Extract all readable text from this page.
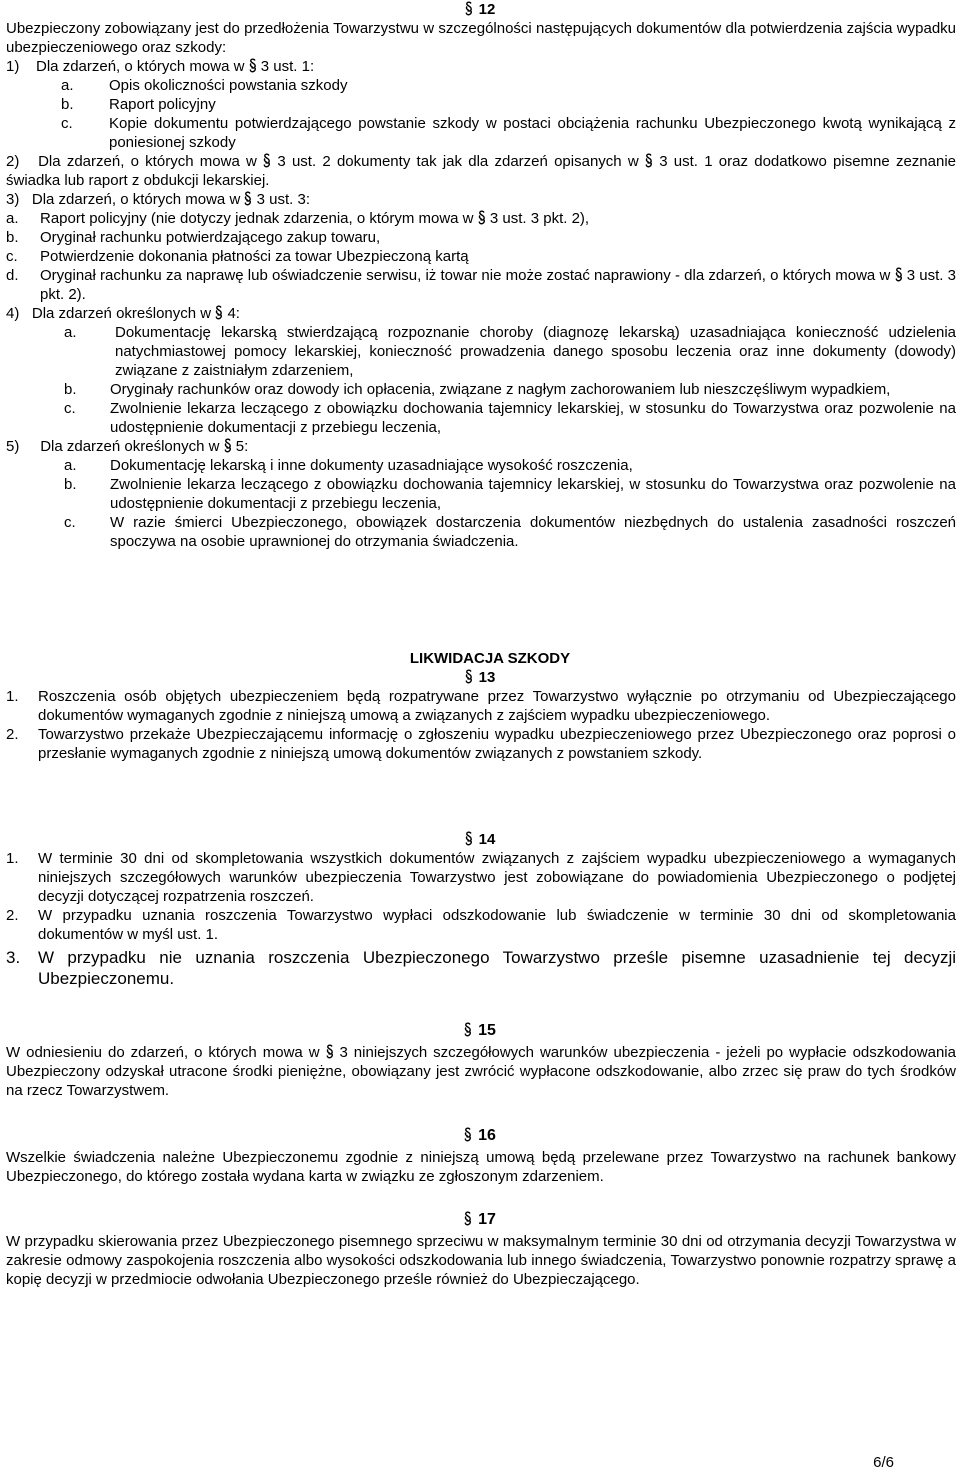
12
Ubezpieczony zobowiązany jest do przedłożenia Towarzystwu w szczególności następujących dokumentów dla potwierdzenia zajścia wypadku ubezpieczeniowego oraz szkody:
1) Dla zdarzeń, o których mowa w 3 ust. 1:
a. Opis okoliczności powstania szkody
b. Raport policyjny
c. Kopie dokumentu potwierdzającego powstanie szkody w postaci obciążenia rachunku Ubezpieczonego kwotą wynikającą z poniesionej szkody
2) Dla zdarzeń, o których mowa w 3 ust. 2 dokumenty tak jak dla zdarzeń opisanych w 3 ust. 1 oraz dodatkowo pisemne zeznanie świadka lub raport z obdukcji lekarskiej.
3) Dla zdarzeń, o których mowa w 3 ust. 3:
a. Raport policyjny (nie dotyczy jednak zdarzenia, o którym mowa w 3 ust. 3 pkt. 2),
b. Oryginał rachunku potwierdzającego zakup towaru,
c. Potwierdzenie dokonania płatności za towar Ubezpieczoną kartą
d. Oryginał rachunku za naprawę lub oświadczenie serwisu, iż towar nie może zostać naprawiony - dla zdarzeń, o których mowa w 3 ust. 3 pkt. 2).
4) Dla zdarzeń określonych w 4:
a.	Dokumentację lekarską stwierdzającą rozpoznanie choroby (diagnozę lekarską) uzasadniająca konieczność udzielenia natychmiastowej pomocy lekarskiej, konieczność prowadzenia danego sposobu leczenia oraz inne dokumenty (dowody) związane z zaistniałym zdarzeniem,
b. Oryginały rachunków oraz dowody ich opłacenia, związane z nagłym zachorowaniem lub nieszczęśliwym wypadkiem,
c. Zwolnienie lekarza leczącego z obowiązku dochowania tajemnicy lekarskiej, w stosunku do Towarzystwa oraz pozwolenie na udostępnienie dokumentacji z przebiegu leczenia,
5) Dla zdarzeń określonych w 5:
a. Dokumentację lekarską i inne dokumenty uzasadniające wysokość roszczenia,
b. Zwolnienie lekarza leczącego z obowiązku dochowania tajemnicy lekarskiej, w stosunku do Towarzystwa oraz pozwolenie na udostępnienie dokumentacji z przebiegu leczenia,
c. W razie śmierci Ubezpieczonego, obowiązek dostarczenia dokumentów niezbędnych do ustalenia zasadności roszczeń spoczywa na osobie uprawnionej do otrzymania świadczenia.
LIKWIDACJA SZKODY
13
1. Roszczenia osób objętych ubezpieczeniem będą rozpatrywane przez Towarzystwo wyłącznie po otrzymaniu od Ubezpieczającego dokumentów wymaganych zgodnie z niniejszą umową a związanych z zajściem wypadku ubezpieczeniowego.
2. Towarzystwo przekaże Ubezpieczającemu informację o zgłoszeniu wypadku ubezpieczeniowego przez Ubezpieczonego oraz poprosi o przesłanie wymaganych zgodnie z niniejszą umową dokumentów związanych z powstaniem szkody.
14
1. W terminie 30 dni od skompletowania wszystkich dokumentów związanych z zajściem wypadku ubezpieczeniowego a wymaganych niniejszych szczegółowych warunków ubezpieczenia Towarzystwo jest zobowiązane do powiadomienia Ubezpieczonego o podjętej decyzji dotyczącej rozpatrzenia roszczeń.
2. W przypadku uznania roszczenia Towarzystwo wypłaci odszkodowanie lub świadczenie w terminie 30 dni od skompletowania dokumentów w myśl ust. 1.
3. W przypadku nie uznania roszczenia Ubezpieczonego Towarzystwo prześle pisemne uzasadnienie tej decyzji Ubezpieczonemu.
15
W odniesieniu do zdarzeń, o których mowa w 3 niniejszych szczegółowych warunków ubezpieczenia - jeżeli po wypłacie odszkodowania Ubezpieczony odzyskał utracone środki pieniężne, obowiązany jest zwrócić wypłacone odszkodowanie, albo zrzec się praw do tych środków na rzecz Towarzystwem.
16
Wszelkie świadczenia należne Ubezpieczonemu zgodnie z niniejszą umową będą przelewane przez Towarzystwo na rachunek bankowy Ubezpieczonego, do którego została wydana karta w związku ze zgłoszonym zdarzeniem.
17
W przypadku skierowania przez Ubezpieczonego pisemnego sprzeciwu w maksymalnym terminie 30 dni od otrzymania decyzji Towarzystwa w zakresie odmowy zaspokojenia roszczenia albo wysokości odszkodowania lub innego świadczenia, Towarzystwo ponownie rozpatrzy sprawę a kopię decyzji w przedmiocie odwołania Ubezpieczonego prześle również do Ubezpieczającego.
6/6
